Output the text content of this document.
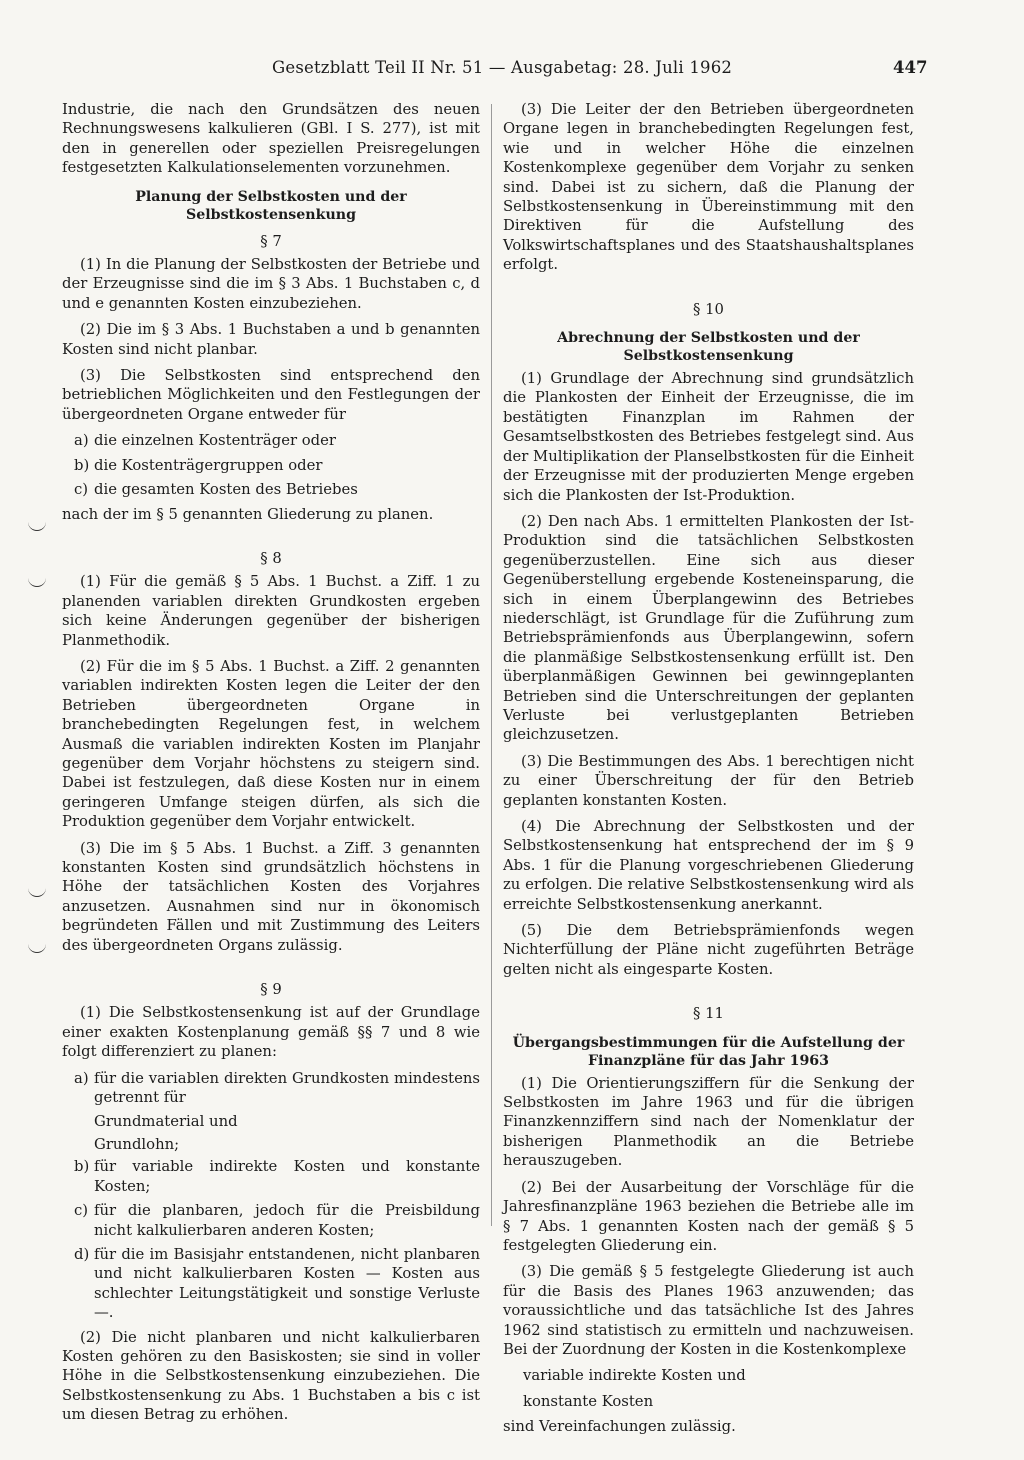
Gesetzblatt Teil II Nr. 51 — Ausgabetag: 28. Juli 1962	447

Industrie, die nach den Grundsätzen des neuen Rechnungswesens kalkulieren (GBl. I S. 277), ist mit den in generellen oder speziellen Preisregelungen festgesetzten Kalkulationselementen vorzunehmen.

Planung der Selbstkosten und der Selbstkostensenkung
§ 7

(1) In die Planung der Selbstkosten der Betriebe und der Erzeugnisse sind die im § 3 Abs. 1 Buchstaben c, d und e genannten Kosten einzubeziehen.

(2) Die im § 3 Abs. 1 Buchstaben a und b genannten Kosten sind nicht planbar.

(3) Die Selbstkosten sind entsprechend den betrieblichen Möglichkeiten und den Festlegungen der übergeordneten Organe entweder für

a) die einzelnen Kostenträger oder
b) die Kostenträgergruppen oder
c) die gesamten Kosten des Betriebes

nach der im § 5 genannten Gliederung zu planen.

§ 8

(1) Für die gemäß § 5 Abs. 1 Buchst. a Ziff. 1 zu planenden variablen direkten Grundkosten ergeben sich keine Änderungen gegenüber der bisherigen Planmethodik.

(2) Für die im § 5 Abs. 1 Buchst. a Ziff. 2 genannten variablen indirekten Kosten legen die Leiter der den Betrieben übergeordneten Organe in branchebedingten Regelungen fest, in welchem Ausmaß die variablen indirekten Kosten im Planjahr gegenüber dem Vorjahr höchstens zu steigern sind. Dabei ist festzulegen, daß diese Kosten nur in einem geringeren Umfange steigen dürfen, als sich die Produktion gegenüber dem Vorjahr entwickelt.

(3) Die im § 5 Abs. 1 Buchst. a Ziff. 3 genannten konstanten Kosten sind grundsätzlich höchstens in Höhe der tatsächlichen Kosten des Vorjahres anzusetzen. Ausnahmen sind nur in ökonomisch begründeten Fällen und mit Zustimmung des Leiters des übergeordneten Organs zulässig.

§ 9

(1) Die Selbstkostensenkung ist auf der Grundlage einer exakten Kostenplanung gemäß §§ 7 und 8 wie folgt differenziert zu planen:

a) für die variablen direkten Grundkosten mindestens getrennt für
Grundmaterial und
Grundlohn;
b) für variable indirekte Kosten und konstante Kosten;
c) für die planbaren, jedoch für die Preisbildung nicht kalkulierbaren anderen Kosten;
d) für die im Basisjahr entstandenen, nicht planbaren und nicht kalkulierbaren Kosten — Kosten aus schlechter Leitungstätigkeit und sonstige Verluste —.

(2) Die nicht planbaren und nicht kalkulierbaren Kosten gehören zu den Basiskosten; sie sind in voller Höhe in die Selbstkostensenkung einzubeziehen. Die Selbstkostensenkung zu Abs. 1 Buchstaben a bis c ist um diesen Betrag zu erhöhen.

(3) Die Leiter der den Betrieben übergeordneten Organe legen in branchebedingten Regelungen fest, wie und in welcher Höhe die einzelnen Kostenkomplexe gegenüber dem Vorjahr zu senken sind. Dabei ist zu sichern, daß die Planung der Selbstkostensenkung in Übereinstimmung mit den Direktiven für die Aufstellung des Volkswirtschaftsplanes und des Staatshaushaltsplanes erfolgt.

§ 10
Abrechnung der Selbstkosten und der Selbstkostensenkung

(1) Grundlage der Abrechnung sind grundsätzlich die Plankosten der Einheit der Erzeugnisse, die im bestätigten Finanzplan im Rahmen der Gesamtselbstkosten des Betriebes festgelegt sind. Aus der Multiplikation der Planselbstkosten für die Einheit der Erzeugnisse mit der produzierten Menge ergeben sich die Plankosten der Ist-Produktion.

(2) Den nach Abs. 1 ermittelten Plankosten der Ist-Produktion sind die tatsächlichen Selbstkosten gegenüberzustellen. Eine sich aus dieser Gegenüberstellung ergebende Kosteneinsparung, die sich in einem Überplangewinn des Betriebes niederschlägt, ist Grundlage für die Zuführung zum Betriebsprämienfonds aus Überplangewinn, sofern die planmäßige Selbstkostensenkung erfüllt ist. Den überplanmäßigen Gewinnen bei gewinngeplanten Betrieben sind die Unterschreitungen der geplanten Verluste bei verlustgeplanten Betrieben gleichzusetzen.

(3) Die Bestimmungen des Abs. 1 berechtigen nicht zu einer Überschreitung der für den Betrieb geplanten konstanten Kosten.

(4) Die Abrechnung der Selbstkosten und der Selbstkostensenkung hat entsprechend der im § 9 Abs. 1 für die Planung vorgeschriebenen Gliederung zu erfolgen. Die relative Selbstkostensenkung wird als erreichte Selbstkostensenkung anerkannt.

(5) Die dem Betriebsprämienfonds wegen Nichterfüllung der Pläne nicht zugeführten Beträge gelten nicht als eingesparte Kosten.

§ 11
Übergangsbestimmungen für die Aufstellung der Finanzpläne für das Jahr 1963

(1) Die Orientierungsziffern für die Senkung der Selbstkosten im Jahre 1963 und für die übrigen Finanzkennziffern sind nach der Nomenklatur der bisherigen Planmethodik an die Betriebe herauszugeben.

(2) Bei der Ausarbeitung der Vorschläge für die Jahresfinanzpläne 1963 beziehen die Betriebe alle im § 7 Abs. 1 genannten Kosten nach der gemäß § 5 festgelegten Gliederung ein.

(3) Die gemäß § 5 festgelegte Gliederung ist auch für die Basis des Planes 1963 anzuwenden; das voraussichtliche und das tatsächliche Ist des Jahres 1962 sind statistisch zu ermitteln und nachzuweisen. Bei der Zuordnung der Kosten in die Kostenkomplexe

variable indirekte Kosten und
konstante Kosten

sind Vereinfachungen zulässig.
